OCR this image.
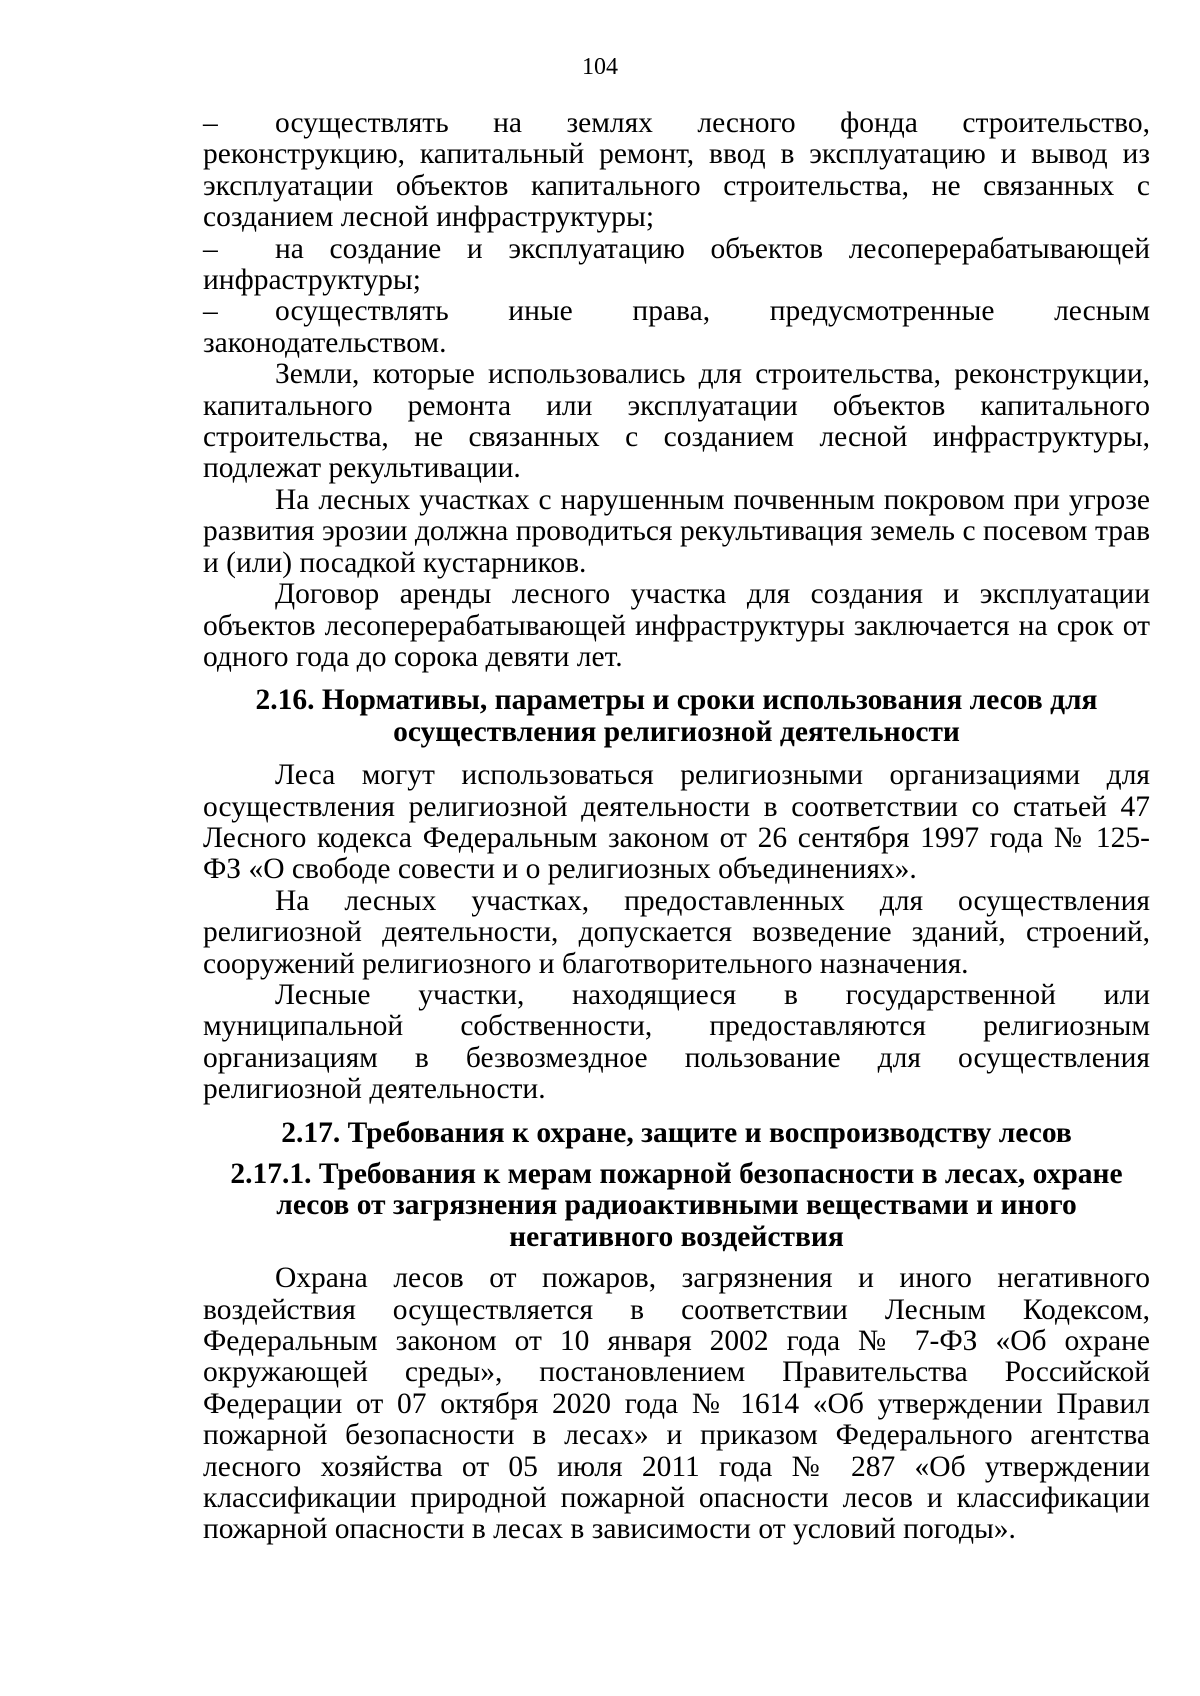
104

– осуществлять на землях лесного фонда строительство, реконструкцию, капитальный ремонт, ввод в эксплуатацию и вывод из эксплуатации объектов капитального строительства, не связанных с созданием лесной инфраструктуры;

– на создание и эксплуатацию объектов лесоперерабатывающей инфраструктуры;

– осуществлять иные права, предусмотренные лесным законодательством.

Земли, которые использовались для строительства, реконструкции, капитального ремонта или эксплуатации объектов капитального строительства, не связанных с созданием лесной инфраструктуры, подлежат рекультивации.

На лесных участках с нарушенным почвенным покровом при угрозе развития эрозии должна проводиться рекультивация земель с посевом трав и (или) посадкой кустарников.

Договор аренды лесного участка для создания и эксплуатации объектов лесоперерабатывающей инфраструктуры заключается на срок от одного года до сорока девяти лет.

2.16. Нормативы, параметры и сроки использования лесов для осуществления религиозной деятельности

Леса могут использоваться религиозными организациями для осуществления религиозной деятельности в соответствии со статьей 47 Лесного кодекса Федеральным законом от 26 сентября 1997 года № 125-ФЗ «О свободе совести и о религиозных объединениях».

На лесных участках, предоставленных для осуществления религиозной деятельности, допускается возведение зданий, строений, сооружений религиозного и благотворительного назначения.

Лесные участки, находящиеся в государственной или муниципальной собственности, предоставляются религиозным организациям в безвозмездное пользование для осуществления религиозной деятельности.

2.17. Требования к охране, защите и воспроизводству лесов
2.17.1. Требования к мерам пожарной безопасности в лесах, охране лесов от загрязнения радиоактивными веществами и иного негативного воздействия

Охрана лесов от пожаров, загрязнения и иного негативного воздействия осуществляется в соответствии Лесным Кодексом, Федеральным законом от 10 января 2002 года № 7-ФЗ «Об охране окружающей среды», постановлением Правительства Российской Федерации от 07 октября 2020 года № 1614 «Об утверждении Правил пожарной безопасности в лесах» и приказом Федерального агентства лесного хозяйства от 05 июля 2011 года № 287 «Об утверждении классификации природной пожарной опасности лесов и классификации пожарной опасности в лесах в зависимости от условий погоды».
